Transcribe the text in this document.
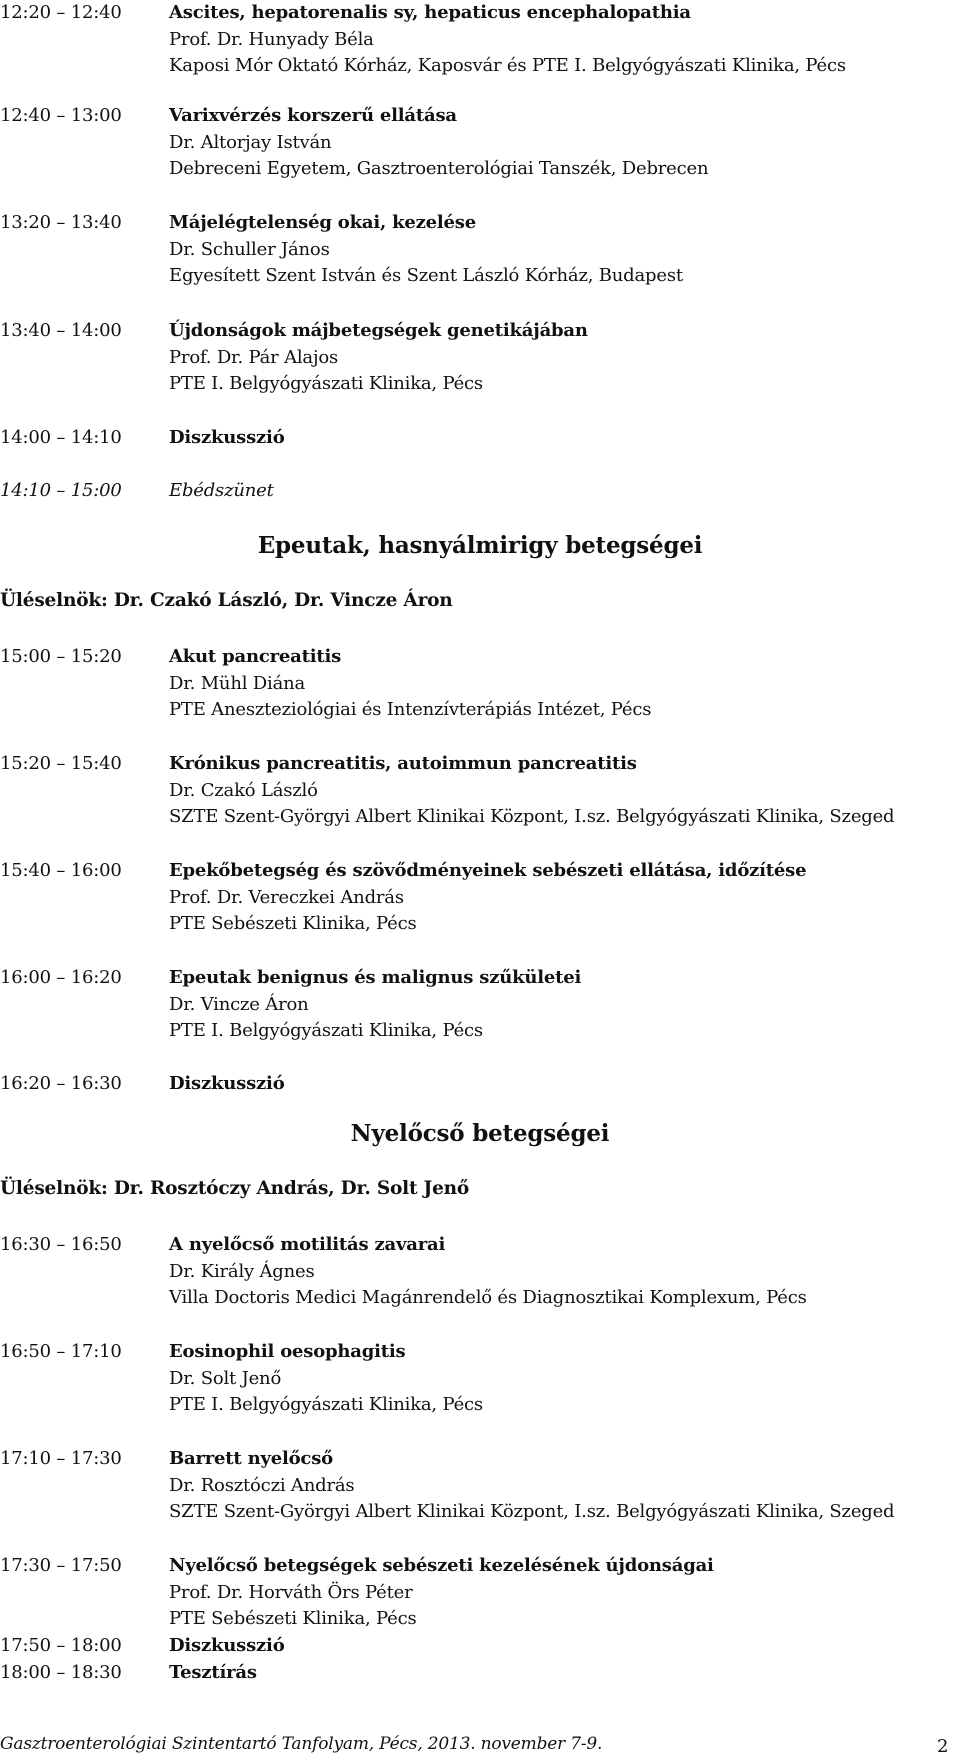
12:20 – 12:40	Ascites, hepatorenalis sy, hepaticus encephalopathia
Prof. Dr. Hunyady Béla
Kaposi Mór Oktató Kórház, Kaposvár és PTE I. Belgyógyászati Klinika, Pécs
12:40 – 13:00	Varixvérzés korszerű ellátása
Dr. Altorjay István
Debreceni Egyetem, Gasztroenterológiai Tanszék, Debrecen
13:20 – 13:40	Májelégtelenség okai, kezelése
Dr. Schuller János
Egyesített Szent István és Szent László Kórház, Budapest
13:40 – 14:00	Újdonságok májbetegségek genetikájában
Prof. Dr. Pár Alajos
PTE I. Belgyógyászati Klinika, Pécs
14:00 – 14:10	Diszkusszió
14:10 – 15:00	Ebédszünet
Epeutak, hasnyálmirigy betegségei
Üléselnök: Dr. Czakó László, Dr. Vincze Áron
15:00 – 15:20	Akut pancreatitis
Dr. Mühl Diána
PTE Aneszteziológiai és Intenzívterápiás Intézet, Pécs
15:20 – 15:40	Krónikus pancreatitis, autoimmun pancreatitis
Dr. Czakó László
SZTE Szent-Györgyi Albert Klinikai Központ, I.sz. Belgyógyászati Klinika, Szeged
15:40 – 16:00	Epekőbetegség és szövődményeinek sebészeti ellátása, időzítése
Prof. Dr. Vereczkei András
PTE Sebészeti Klinika, Pécs
16:00 – 16:20	Epeutak benignus és malignus szűkületei
Dr. Vincze Áron
PTE I. Belgyógyászati Klinika, Pécs
16:20 – 16:30	Diszkusszió
Nyelőcső betegségei
Üléselnök: Dr. Rosztóczy András, Dr. Solt Jenő
16:30 – 16:50	A nyelőcső motilitás zavarai
Dr. Király Ágnes
Villa Doctoris Medici Magánrendelő és Diagnosztikai Komplexum, Pécs
16:50 – 17:10	Eosinophil oesophagitis
Dr. Solt Jenő
PTE I. Belgyógyászati Klinika, Pécs
17:10 – 17:30	Barrett nyelőcső
Dr. Rosztóczi András
SZTE Szent-Györgyi Albert Klinikai Központ, I.sz. Belgyógyászati Klinika, Szeged
17:30 – 17:50	Nyelőcső betegségek sebészeti kezelésének újdonságai
Prof. Dr. Horváth Örs Péter
PTE Sebészeti Klinika, Pécs
17:50 – 18:00	Diszkusszió
18:00 – 18:30	Tesztírás
Gasztroenterológiai Szintentartó Tanfolyam, Pécs, 2013. november 7-9.	2
